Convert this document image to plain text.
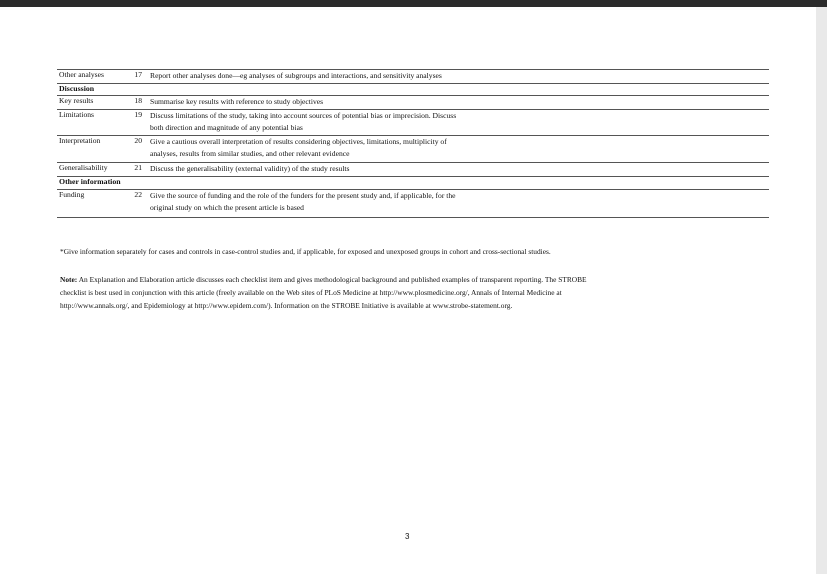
Other analyses	17 Report other analyses done—eg analyses of subgroups and interactions, and sensitivity analyses
Discussion
Key results	18 Summarise key results with reference to study objectives
Limitations	19 Discuss limitations of the study, taking into account sources of potential bias or imprecision. Discuss
both direction and magnitude of any potential bias
Interpretation	20 Give a cautious overall interpretation of results considering objectives, limitations, multiplicity of
analyses, results from similar studies, and other relevant evidence
Generalisability	21 Discuss the generalisability (external validity) of the study results
Other information
Funding	22 Give the source of funding and the role of the funders for the present study and, if applicable, for the
original study on which the present article is based
*Give information separately for cases and controls in case-control studies and, if applicable, for exposed and unexposed groups in cohort and cross-sectional studies.
Note: An Explanation and Elaboration article discusses each checklist item and gives methodological background and published examples of transparent reporting. The STROBE
checklist is best used in conjunction with this article (freely available on the Web sites of PLoS Medicine at http://www.plosmedicine.org/, Annals of Internal Medicine at
http://www.annals.org/, and Epidemiology at http://www.epidem.com/). Information on the STROBE Initiative is available at www.strobe-statement.org.
3
